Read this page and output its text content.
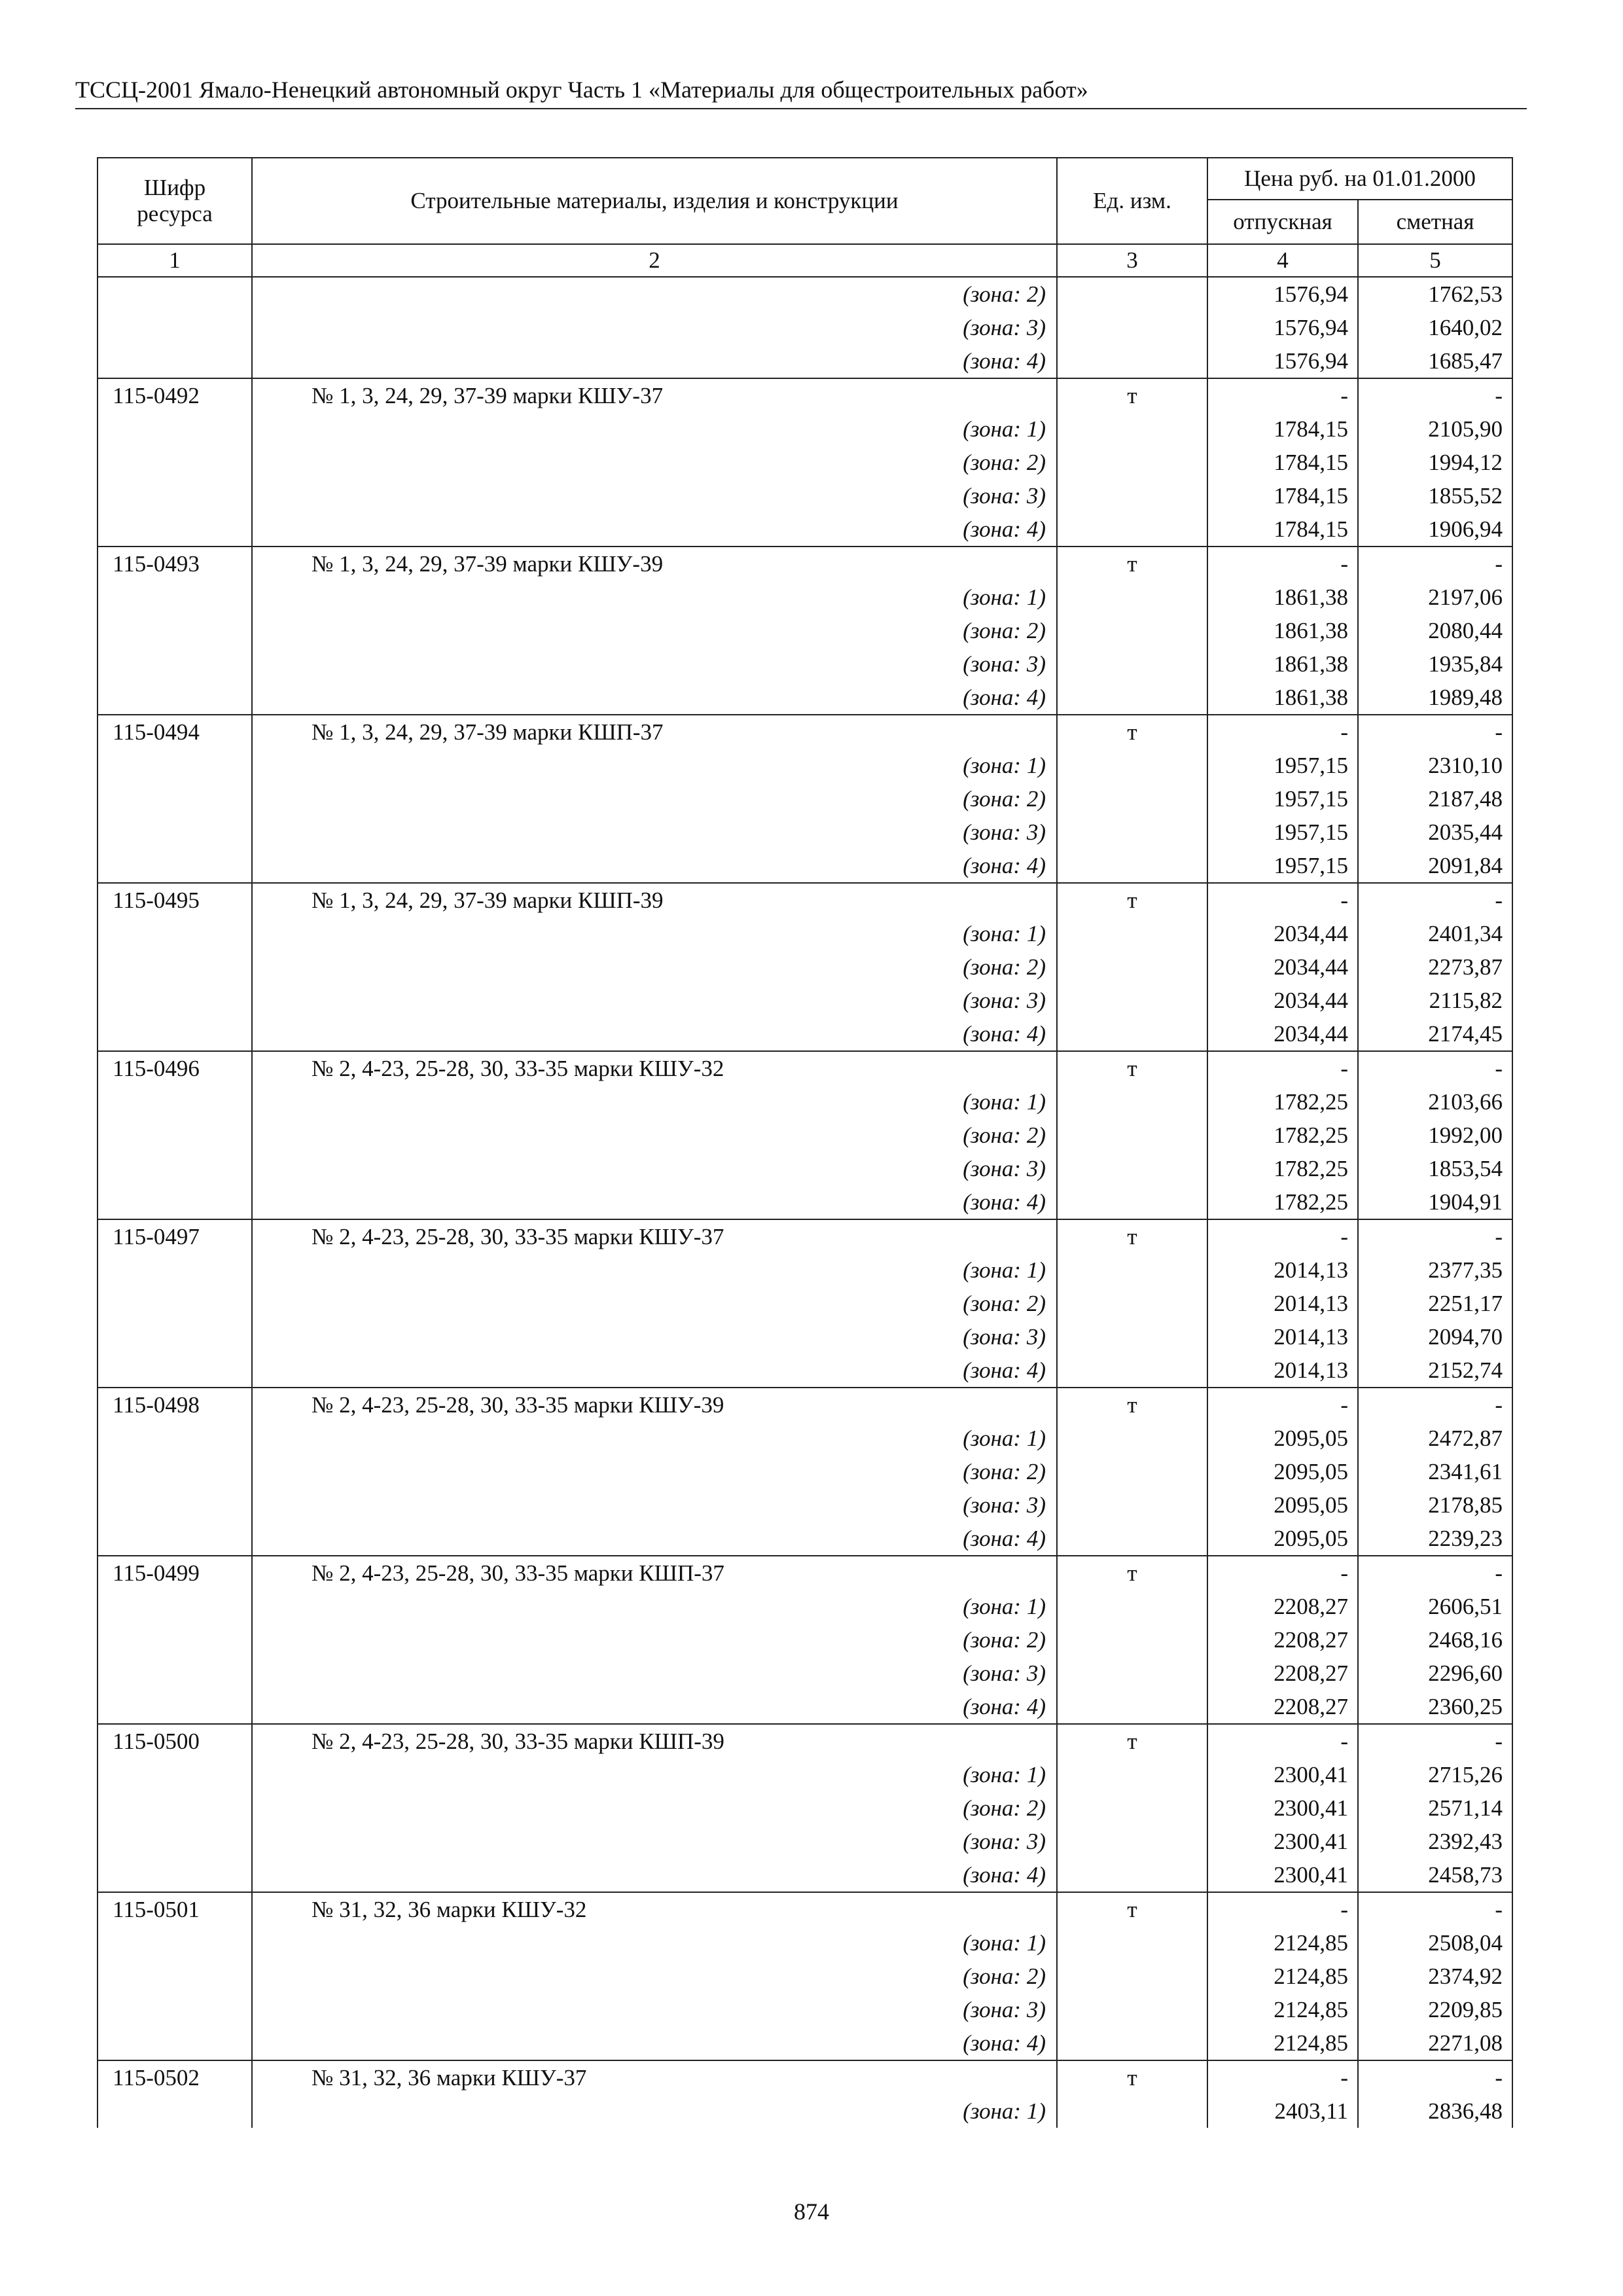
ТССЦ-2001 Ямало-Ненецкий автономный округ Часть 1 «Материалы для общестроительных работ»
Шифр ресурса	Строительные материалы, изделия и конструкции	Ед. изм.	Цена руб. на 01.01.2000	
			отпускная	сметная
1	2	3	4	5
	(зона: 2)		1576,94	1762,53
	(зона: 3)		1576,94	1640,02
	(зона: 4)		1576,94	1685,47
115-0492	№ 1, 3, 24, 29, 37-39 марки КШУ-37	т	-	-
	(зона: 1)		1784,15	2105,90
	(зона: 2)		1784,15	1994,12
	(зона: 3)		1784,15	1855,52
	(зона: 4)		1784,15	1906,94
115-0493	№ 1, 3, 24, 29, 37-39 марки КШУ-39	т	-	-
	(зона: 1)		1861,38	2197,06
	(зона: 2)		1861,38	2080,44
	(зона: 3)		1861,38	1935,84
	(зона: 4)		1861,38	1989,48
115-0494	№ 1, 3, 24, 29, 37-39 марки КШП-37	т	-	-
	(зона: 1)		1957,15	2310,10
	(зона: 2)		1957,15	2187,48
	(зона: 3)		1957,15	2035,44
	(зона: 4)		1957,15	2091,84
115-0495	№ 1, 3, 24, 29, 37-39 марки КШП-39	т	-	-
	(зона: 1)		2034,44	2401,34
	(зона: 2)		2034,44	2273,87
	(зона: 3)		2034,44	2115,82
	(зона: 4)		2034,44	2174,45
115-0496	№ 2, 4-23, 25-28, 30, 33-35 марки КШУ-32	т	-	-
	(зона: 1)		1782,25	2103,66
	(зона: 2)		1782,25	1992,00
	(зона: 3)		1782,25	1853,54
	(зона: 4)		1782,25	1904,91
115-0497	№ 2, 4-23, 25-28, 30, 33-35 марки КШУ-37	т	-	-
	(зона: 1)		2014,13	2377,35
	(зона: 2)		2014,13	2251,17
	(зона: 3)		2014,13	2094,70
	(зона: 4)		2014,13	2152,74
115-0498	№ 2, 4-23, 25-28, 30, 33-35 марки КШУ-39	т	-	-
	(зона: 1)		2095,05	2472,87
	(зона: 2)		2095,05	2341,61
	(зона: 3)		2095,05	2178,85
	(зона: 4)		2095,05	2239,23
115-0499	№ 2, 4-23, 25-28, 30, 33-35 марки КШП-37	т	-	-
	(зона: 1)		2208,27	2606,51
	(зона: 2)		2208,27	2468,16
	(зона: 3)		2208,27	2296,60
	(зона: 4)		2208,27	2360,25
115-0500	№ 2, 4-23, 25-28, 30, 33-35 марки КШП-39	т	-	-
	(зона: 1)		2300,41	2715,26
	(зона: 2)		2300,41	2571,14
	(зона: 3)		2300,41	2392,43
	(зона: 4)		2300,41	2458,73
115-0501	№ 31, 32, 36 марки КШУ-32	т	-	-
	(зона: 1)		2124,85	2508,04
	(зона: 2)		2124,85	2374,92
	(зона: 3)		2124,85	2209,85
	(зона: 4)		2124,85	2271,08
115-0502	№ 31, 32, 36 марки КШУ-37	т	-	-
	(зона: 1)		2403,11	2836,48
874
